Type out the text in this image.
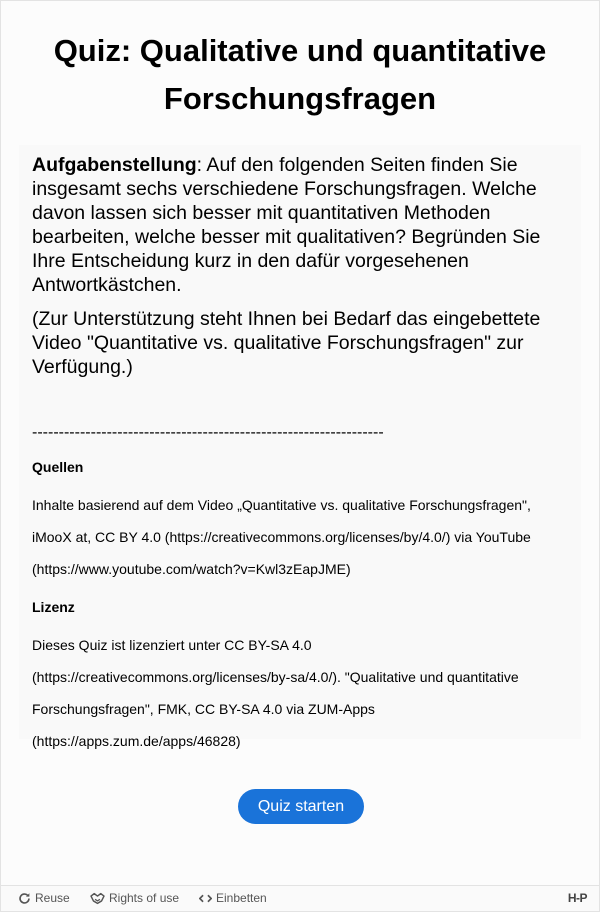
Quiz: Qualitative und quantitative Forschungsfragen

Aufgabenstellung: Auf den folgenden Seiten finden Sie insgesamt sechs verschiedene Forschungsfragen. Welche davon lassen sich besser mit quantitativen Methoden bearbeiten, welche besser mit qualitativen? Begründen Sie Ihre Entscheidung kurz in den dafür vorgesehenen Antwortkästchen.

(Zur Unterstützung steht Ihnen bei Bedarf das eingebettete Video "Quantitative vs. qualitative Forschungsfragen" zur Verfügung.)

------------------------------------------------------------------

Quellen

Inhalte basierend auf dem Video „Quantitative vs. qualitative Forschungsfragen", iMooX at, CC BY 4.0 (https://creativecommons.org/licenses/by/4.0/) via YouTube (https://www.youtube.com/watch?v=Kwl3zEapJME)

Lizenz

Dieses Quiz ist lizenziert unter CC BY-SA 4.0 (https://creativecommons.org/licenses/by-sa/4.0/). "Qualitative und quantitative Forschungsfragen", FMK, CC BY-SA 4.0 via ZUM-Apps (https://apps.zum.de/apps/46828)

Quiz starten
Reuse	Rights of use	Einbetten	H-P
